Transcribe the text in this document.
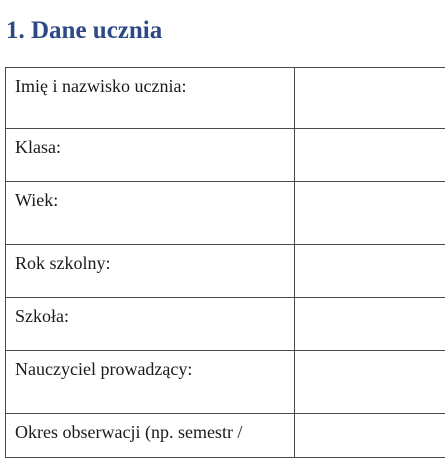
1. Dane ucznia
Imię i nazwisko ucznia:	

Klasa:	

Wiek:	

Rok szkolny:	

Szkoła:	

Nauczyciel prowadzący:	

Okres obserwacji (np. semestr /	
